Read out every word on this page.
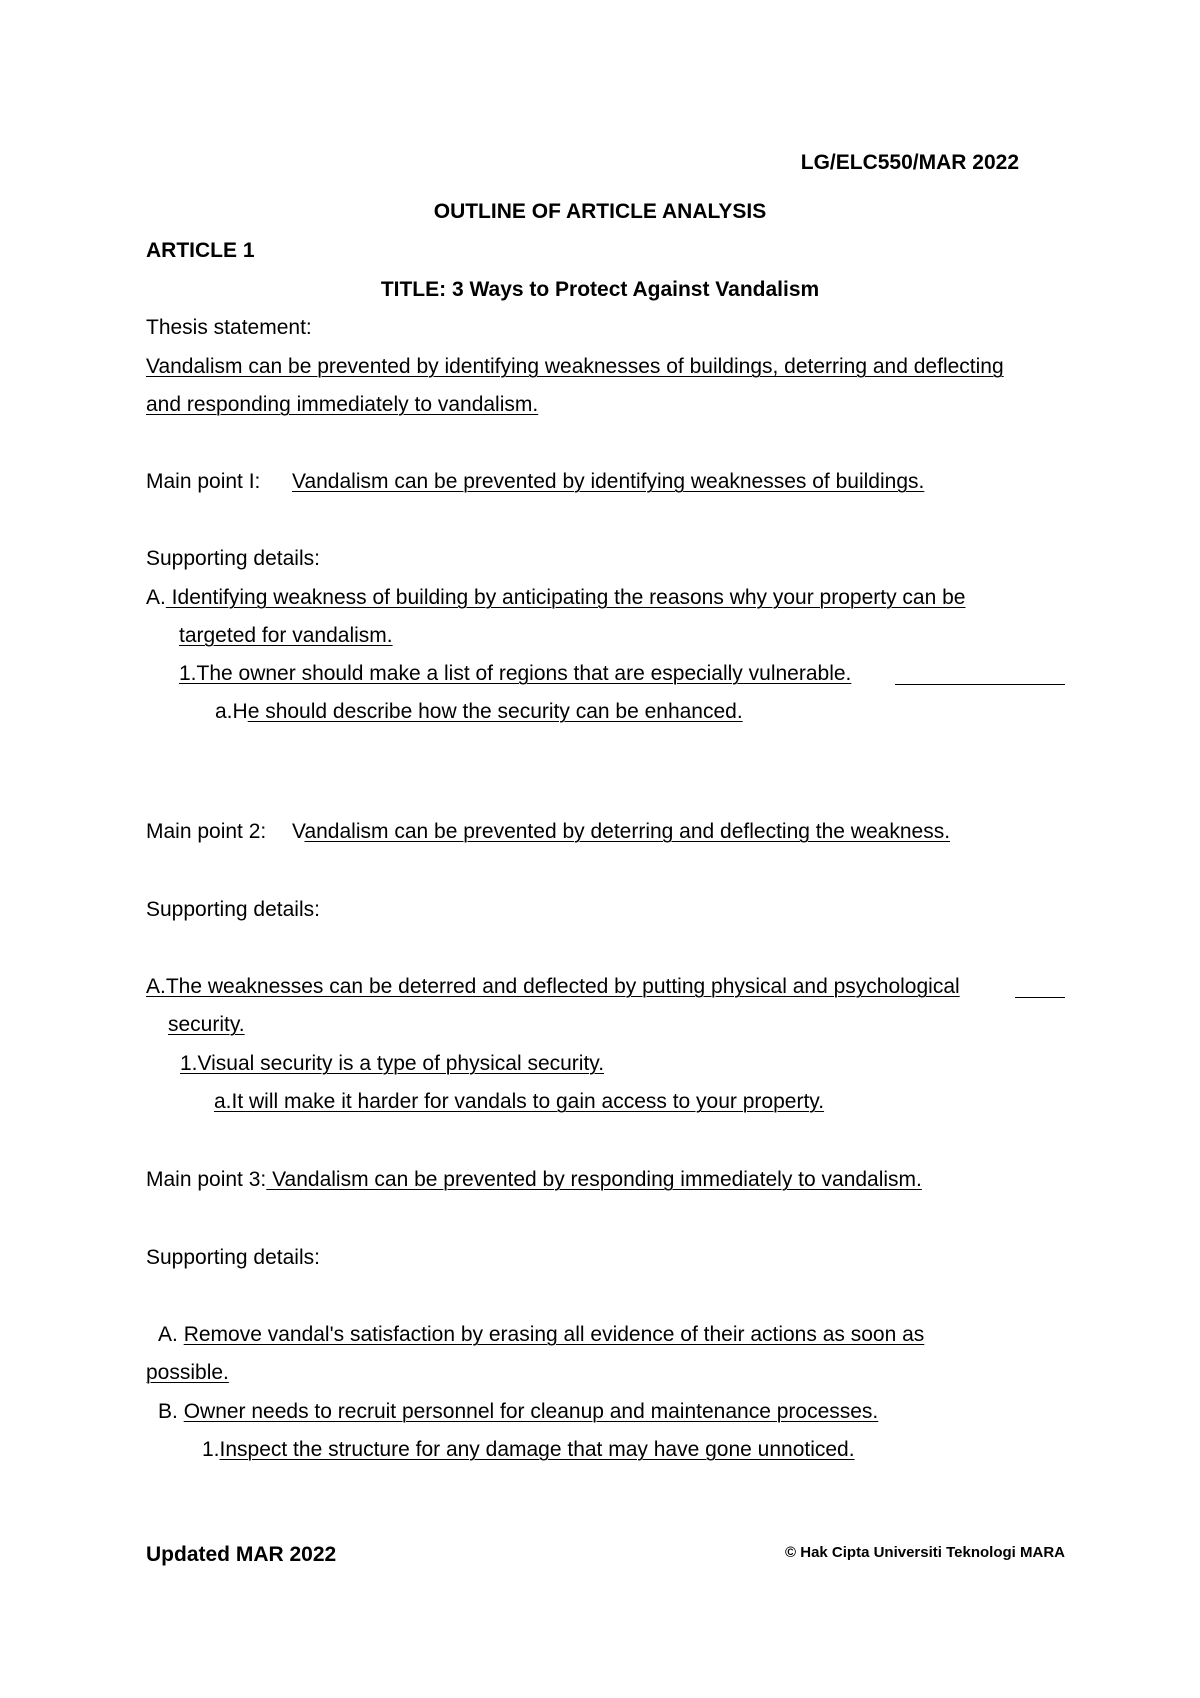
LG/ELC550/MAR 2022
OUTLINE OF ARTICLE ANALYSIS
ARTICLE 1
TITLE: 3 Ways to Protect Against Vandalism
Thesis statement:
Vandalism can be prevented by identifying weaknesses of buildings, deterring and deflecting
and responding immediately to vandalism.
Main point I: Vandalism can be prevented by identifying weaknesses of buildings.
Supporting details:
A. Identifying weakness of building by anticipating the reasons why your property can be
targeted for vandalism.
1.The owner should make a list of regions that are especially vulnerable.
a.He should describe how the security can be enhanced.
Main point 2: Vandalism can be prevented by deterring and deflecting the weakness.
Supporting details:
A.The weaknesses can be deterred and deflected by putting physical and psychological
security.
1.Visual security is a type of physical security.
a.It will make it harder for vandals to gain access to your property.
Main point 3: Vandalism can be prevented by responding immediately to vandalism.
Supporting details:
A. Remove vandal's satisfaction by erasing all evidence of their actions as soon as
possible.
B. Owner needs to recruit personnel for cleanup and maintenance processes.
1.Inspect the structure for any damage that may have gone unnoticed.
Updated MAR 2022	© Hak Cipta Universiti Teknologi MARA
